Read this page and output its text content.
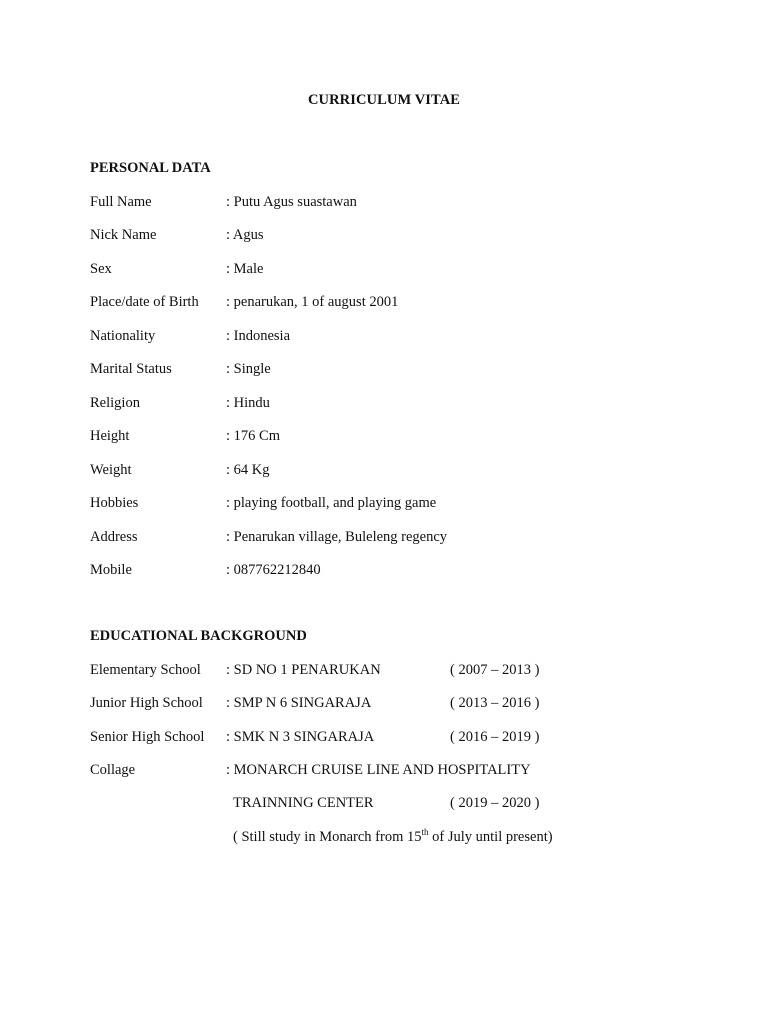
CURRICULUM VITAE
PERSONAL DATA
Full Name	: Putu Agus suastawan
Nick Name	: Agus
Sex	: Male
Place/date of Birth : penarukan, 1 of august 2001
Nationality	: Indonesia
Marital Status	: Single
Religion	: Hindu
Height	: 176 Cm
Weight	: 64 Kg
Hobbies	: playing football, and playing game
Address	: Penarukan village, Buleleng regency
Mobile	: 087762212840
EDUCATIONAL BACKGROUND
Elementary School : SD NO 1 PENARUKAN	( 2007 – 2013 )
Junior High School : SMP N 6 SINGARAJA	( 2013 – 2016 )
Senior High School : SMK N 3 SINGARAJA	( 2016 – 2019 )
Collage	: MONARCH CRUISE LINE AND HOSPITALITY
TRAINNING CENTER	( 2019 – 2020 )
( Still study in Monarch from 15th of July until present)
